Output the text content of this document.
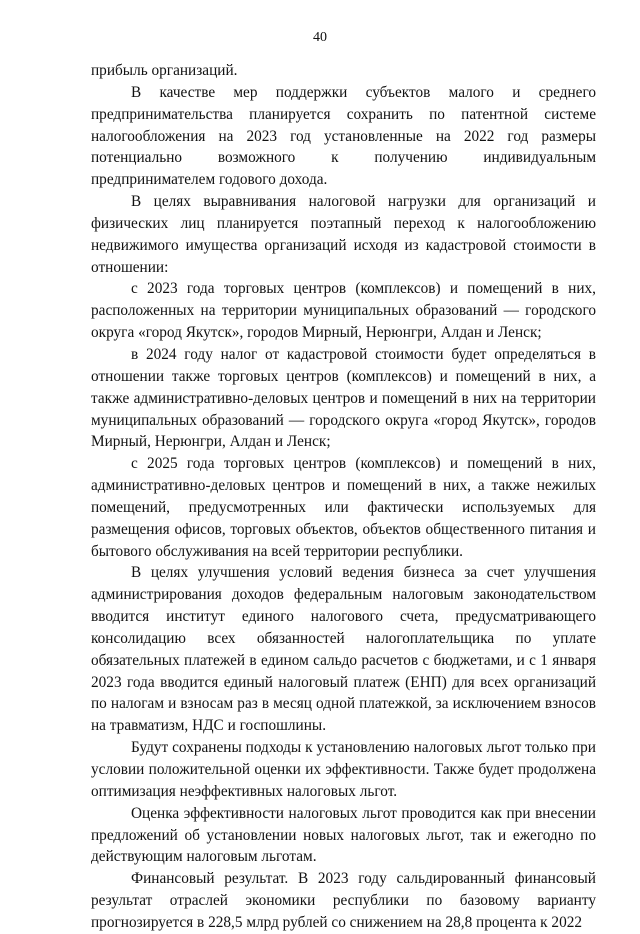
40

прибыль организаций.

В качестве мер поддержки субъектов малого и среднего предпринимательства планируется сохранить по патентной системе налогообложения на 2023 год установленные на 2022 год размеры потенциально возможного к получению индивидуальным предпринимателем годового дохода.

В целях выравнивания налоговой нагрузки для организаций и физических лиц планируется поэтапный переход к налогообложению недвижимого имущества организаций исходя из кадастровой стоимости в отношении:

с 2023 года торговых центров (комплексов) и помещений в них, расположенных на территории муниципальных образований — городского округа «город Якутск», городов Мирный, Нерюнгри, Алдан и Ленск;

в 2024 году налог от кадастровой стоимости будет определяться в отношении также торговых центров (комплексов) и помещений в них, а также административно-деловых центров и помещений в них на территории муниципальных образований — городского округа «город Якутск», городов Мирный, Нерюнгри, Алдан и Ленск;

с 2025 года торговых центров (комплексов) и помещений в них, административно-деловых центров и помещений в них, а также нежилых помещений, предусмотренных или фактически используемых для размещения офисов, торговых объектов, объектов общественного питания и бытового обслуживания на всей территории республики.

В целях улучшения условий ведения бизнеса за счет улучшения администрирования доходов федеральным налоговым законодательством вводится институт единого налогового счета, предусматривающего консолидацию всех обязанностей налогоплательщика по уплате обязательных платежей в едином сальдо расчетов с бюджетами, и с 1 января 2023 года вводится единый налоговый платеж (ЕНП) для всех организаций по налогам и взносам раз в месяц одной платежкой, за исключением взносов на травматизм, НДС и госпошлины.

Будут сохранены подходы к установлению налоговых льгот только при условии положительной оценки их эффективности. Также будет продолжена оптимизация неэффективных налоговых льгот.

Оценка эффективности налоговых льгот проводится как при внесении предложений об установлении новых налоговых льгот, так и ежегодно по действующим налоговым льготам.

Финансовый результат. В 2023 году сальдированный финансовый результат отраслей экономики республики по базовому варианту прогнозируется в 228,5 млрд рублей со снижением на 28,8 процента к 2022
